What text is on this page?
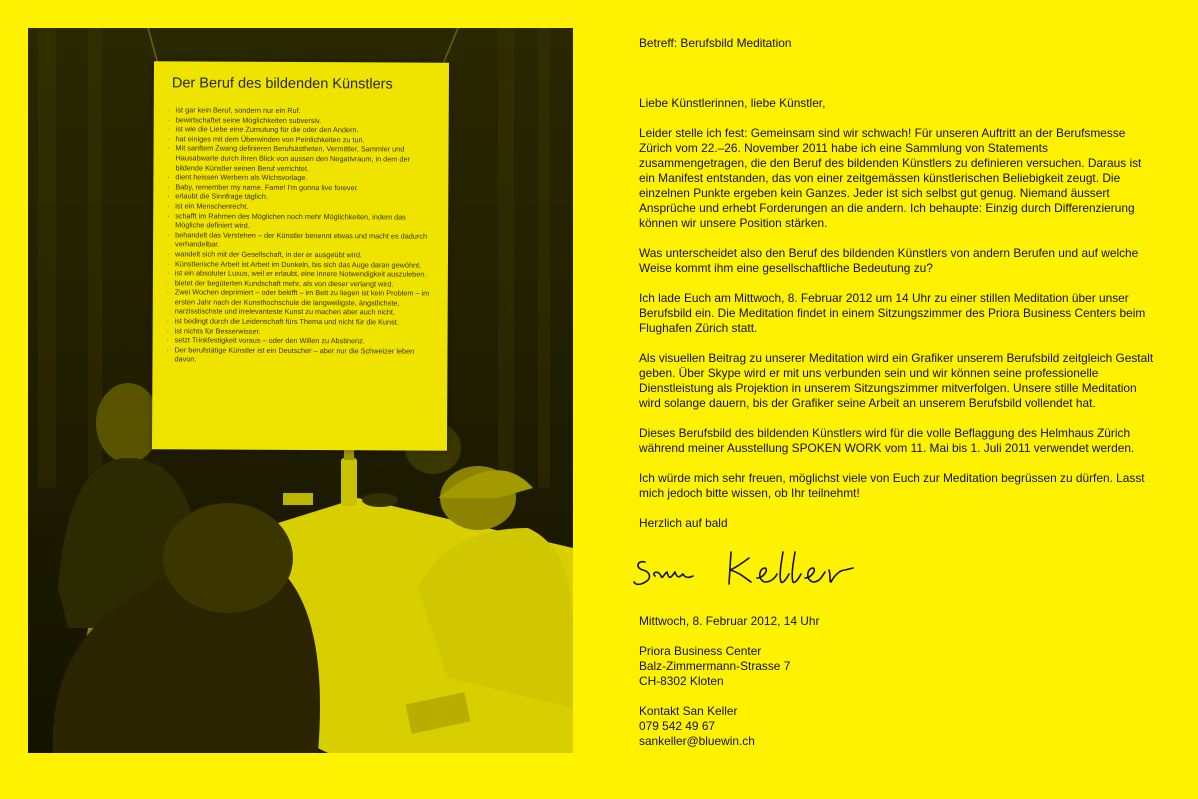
Der Beruf des bildenden Künstlers
· ist gar kein Beruf, sondern nur ein Ruf.
· bewirtschaftet seine Möglichkeiten subversiv.
· ist wie die Liebe eine Zumutung für die oder den Andern.
· hat einiges mit dem Überwinden von Peinlichkeiten zu tun.
· Mit sanftem Zwang definieren Berufsästheten, Vermittler, Sammler und Hausabwarte durch ihren Blick von aussen den Negativraum, in dem der bildende Künstler seinen Beruf verrichtet.
· dient heissen Werbern als Wichsvorlage.
· Baby, remember my name. Fame! I'm gonna live forever.
· erlaubt die Sinnfrage täglich.
· ist ein Menschenrecht.
· schafft im Rahmen des Möglichen noch mehr Möglichkeiten, indem das Mögliche definiert wird.
· behandelt das Verstehen – der Künstler benennt etwas und macht es dadurch verhandelbar.
· wandelt sich mit der Gesellschaft, in der er ausgeübt wird.
· Künstlerische Arbeit ist Arbeit im Dunkeln, bis sich das Auge daran gewöhnt.
· ist ein absoluter Luxus, weil er erlaubt, eine innere Notwendigkeit auszuleben.
· bietet der begüterten Kundschaft mehr, als von dieser verlangt wird.
· Zwei Wochen deprimiert – oder bekifft – im Bett zu liegen ist kein Problem – im ersten Jahr nach der Kunsthochschule die langweiligste, ängstlichste, narzisstischste und irrelevanteste Kunst zu machen aber auch nicht.
· ist bedingt durch die Leidenschaft fürs Thema und nicht für die Kunst.
· ist nichts für Besserwisser.
· setzt Trinkfestigkeit voraus – oder den Willen zu Abstinenz.
· Der berufstätige Künstler ist ein Deutscher – aber nur die Schweizer leben davon.

Betreff: Berufsbild Meditation

Liebe Künstlerinnen, liebe Künstler,

Leider stelle ich fest: Gemeinsam sind wir schwach! Für unseren Auftritt an der Berufsmesse Zürich vom 22.–26. November 2011 habe ich eine Sammlung von Statements zusammengetragen, die den Beruf des bildenden Künstlers zu definieren versuchen. Daraus ist ein Manifest entstanden, das von einer zeitgemässen künstlerischen Beliebigkeit zeugt. Die einzelnen Punkte ergeben kein Ganzes. Jeder ist sich selbst gut genug. Niemand äussert Ansprüche und erhebt Forderungen an die andern. Ich behaupte: Einzig durch Differenzierung können wir unsere Position stärken.

Was unterscheidet also den Beruf des bildenden Künstlers von andern Berufen und auf welche Weise kommt ihm eine gesellschaftliche Bedeutung zu?

Ich lade Euch am Mittwoch, 8. Februar 2012 um 14 Uhr zu einer stillen Meditation über unser Berufsbild ein. Die Meditation findet in einem Sitzungszimmer des Priora Business Centers beim Flughafen Zürich statt.

Als visuellen Beitrag zu unserer Meditation wird ein Grafiker unserem Berufsbild zeitgleich Gestalt geben. Über Skype wird er mit uns verbunden sein und wir können seine professionelle Dienstleistung als Projektion in unserem Sitzungszimmer mitverfolgen. Unsere stille Meditation wird solange dauern, bis der Grafiker seine Arbeit an unserem Berufsbild vollendet hat.

Dieses Berufsbild des bildenden Künstlers wird für die volle Beflaggung des Helmhaus Zürich während meiner Ausstellung SPOKEN WORK vom 11. Mai bis 1. Juli 2011 verwendet werden.

Ich würde mich sehr freuen, möglichst viele von Euch zur Meditation begrüssen zu dürfen. Lasst mich jedoch bitte wissen, ob Ihr teilnehmt!

Herzlich auf bald

Mittwoch, 8. Februar 2012, 14 Uhr

Priora Business Center
Balz-Zimmermann-Strasse 7
CH-8302 Kloten

Kontakt San Keller
079 542 49 67
sankeller@bluewin.ch
